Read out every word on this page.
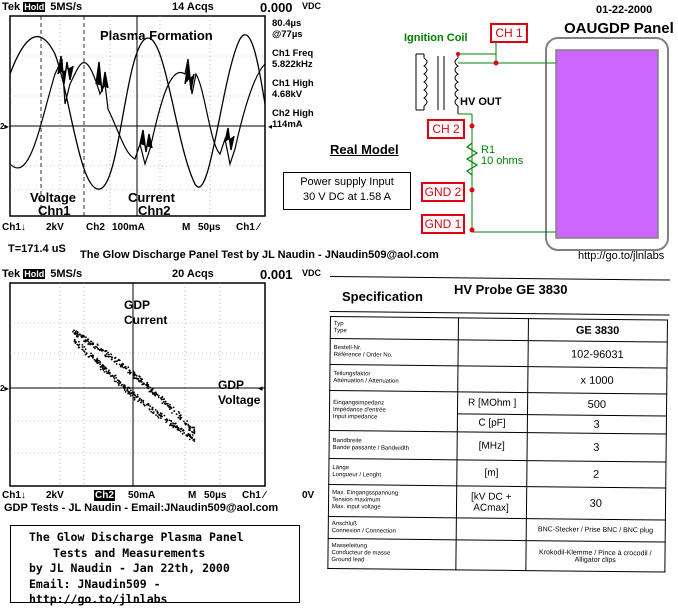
Tek Hold 5MS/s	14 Acqs	0.000 VDC
2▸	◂
Plasma Formation
Voltage
Chn1
Current
Chn2
80.4µs
@77µs
Ch1 Freq
5.822kHz
Ch1 High
4.68kV
Ch2 High
114mA
Ch1↓ 2kV Ch2 100mA	M 50µs Ch1 ∕
T=171.4 uS
Real Model
Power supply Input
30 V DC at 1.58 A
01-22-2000
OAUGDP Panel
Ignition Coil
HV OUT
R1
10 ohms
CH 1
CH 2
GND 2
GND 1
http://go.to/jlnlabs
The Glow Discharge Panel Test by JL Naudin - JNaudin509@aol.com
Tek Hold 5MS/s	20 Acqs	0.001 VDC
2▸	◂
GDP
Current
GDP
Voltage
Ch1↓ 2kV	Ch2 50mA	M 50µs Ch1 ∕	0V
GDP Tests - JL Naudin - Email:JNaudin509@aol.com
The Glow Discharge Plasma Panel
Tests and Measurements
by JL Naudin - Jan 22th, 2000
Email: JNaudin509 - http://go.to/jlnlabs
Specification HV Probe GE 3830
Typ
Type		GE 3830

Bestell-Nr.
Référence / Order No.		102-96031

Teilungsfaktor
Atténuation / Attenuation		x 1000

Eingangsimpedanz
Impédance d'entrée
Input impedance	R [MOhm ]	500
	C [pF]	3

Bandbreite
Bande passante / Bandwidth	[MHz]	3

Länge
Longueur / Lenght	[m]	2

Max. Eingangsspannung
Tension maximum
Max. input voltage	[kV DC + ACmax]	30

Anschluß
Connexion / Connection		BNC-Stecker / Prise BNC / BNC plug

Masseleitung
Conducteur de masse
Ground lead		Krokodil-Klemme / Pince à crocodil / Alligator clips
